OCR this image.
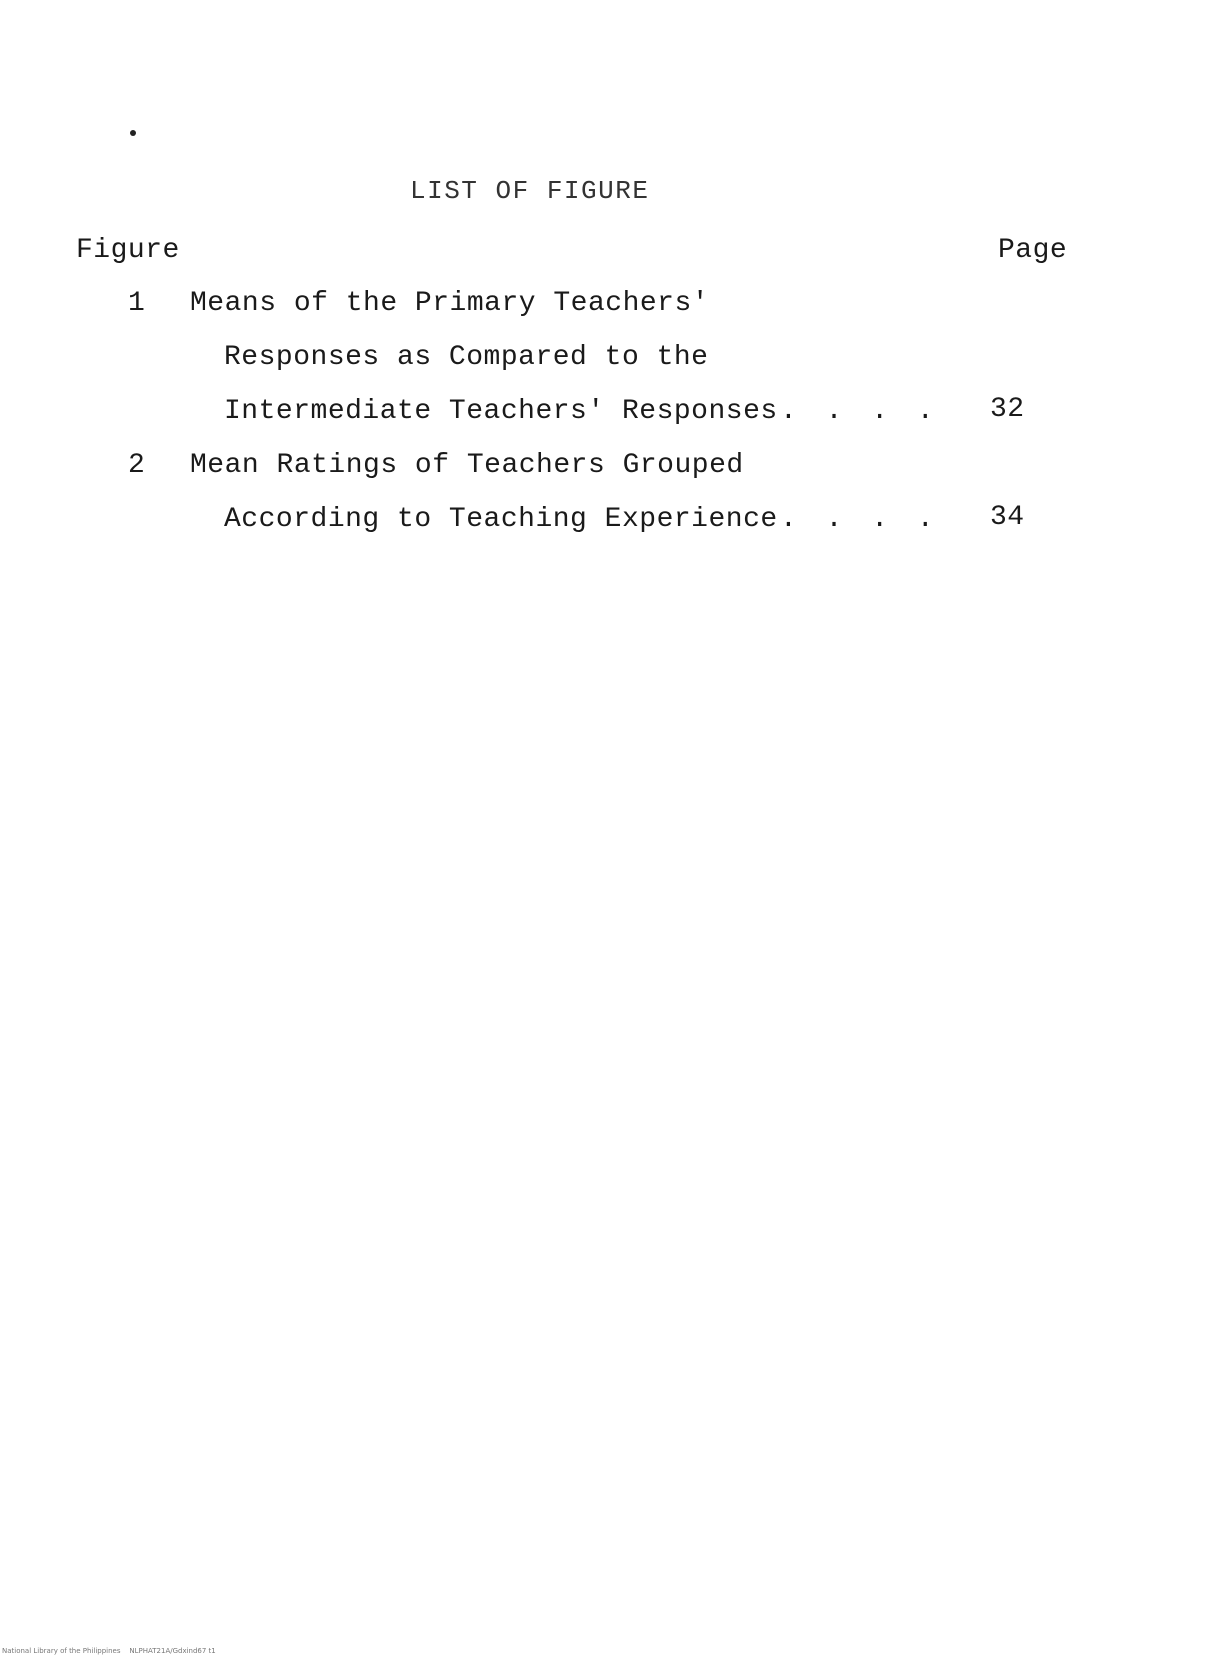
LIST OF FIGURE
Figure	Page
1 Means of the Primary Teachers'
Responses as Compared to the
Intermediate Teachers' Responses . . . . 32
2 Mean Ratings of Teachers Grouped
According to Teaching Experience . . . . 34
National Library of the Philippines    NLPHAT21A/Gdxind67 t1
